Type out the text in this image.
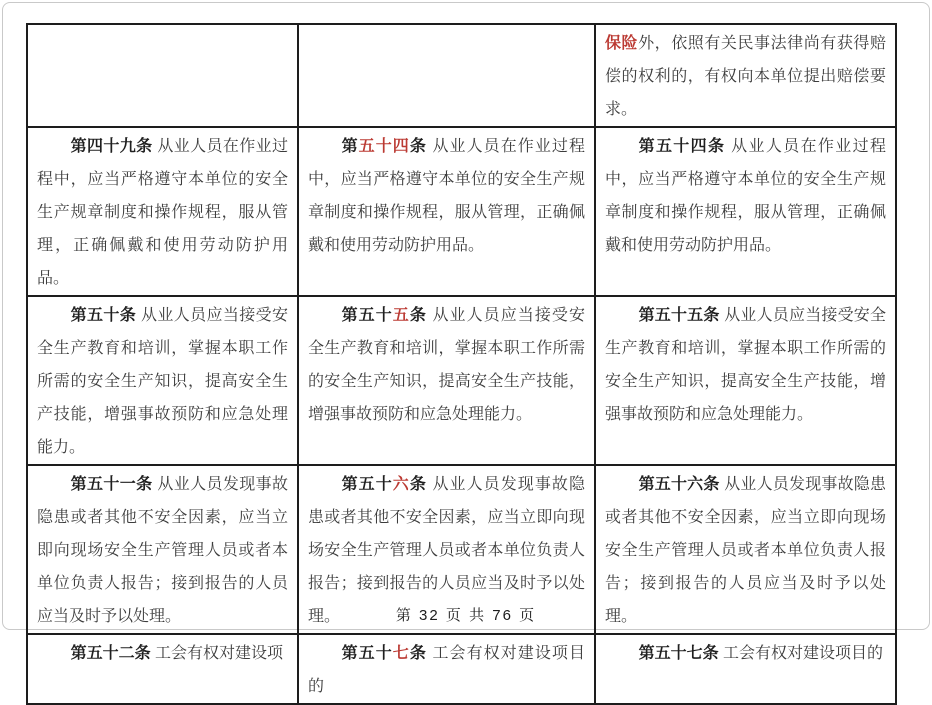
		保险外，依照有关民事法律尚有获得赔偿的权利的，有权向本单位提出赔偿要求。

第四十九条 从业人员在作业过程中，应当严格遵守本单位的安全生产规章制度和操作规程，服从管理，正确佩戴和使用劳动防护用品。	第五十四条 从业人员在作业过程中，应当严格遵守本单位的安全生产规章制度和操作规程，服从管理，正确佩戴和使用劳动防护用品。	第五十四条 从业人员在作业过程中，应当严格遵守本单位的安全生产规章制度和操作规程，服从管理，正确佩戴和使用劳动防护用品。

第五十条 从业人员应当接受安全生产教育和培训，掌握本职工作所需的安全生产知识，提高安全生产技能，增强事故预防和应急处理能力。	第五十五条 从业人员应当接受安全生产教育和培训，掌握本职工作所需的安全生产知识，提高安全生产技能，增强事故预防和应急处理能力。	第五十五条 从业人员应当接受安全生产教育和培训，掌握本职工作所需的安全生产知识，提高安全生产技能，增强事故预防和应急处理能力。

第五十一条 从业人员发现事故隐患或者其他不安全因素，应当立即向现场安全生产管理人员或者本单位负责人报告；接到报告的人员应当及时予以处理。	第五十六条 从业人员发现事故隐患或者其他不安全因素，应当立即向现场安全生产管理人员或者本单位负责人报告；接到报告的人员应当及时予以处理。	第五十六条 从业人员发现事故隐患或者其他不安全因素，应当立即向现场安全生产管理人员或者本单位负责人报告；接到报告的人员应当及时予以处理。

第五十二条 工会有权对建设项	第五十七条 工会有权对建设项目的	第五十七条 工会有权对建设项目的

第 32 页 共 76 页
